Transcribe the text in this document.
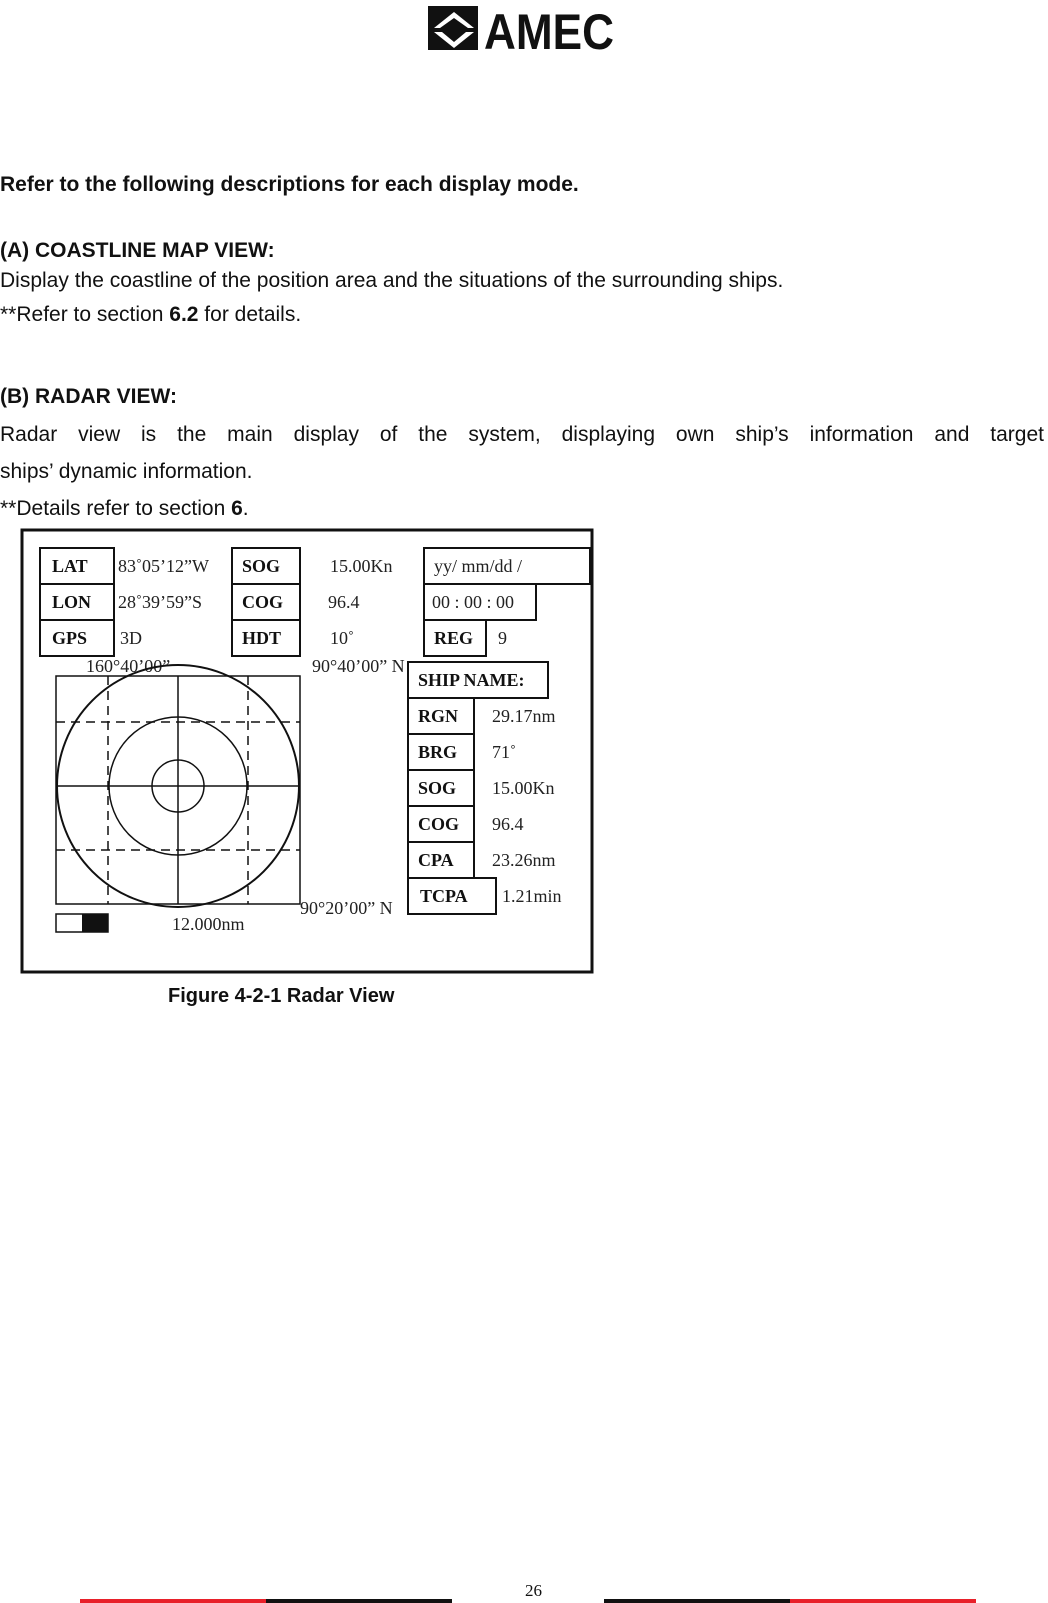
AMEC

Refer to the following descriptions for each display mode.

(A) COASTLINE MAP VIEW:

Display the coastline of the position area and the situations of the surrounding ships.

**Refer to section 6.2 for details.

(B) RADAR VIEW:

Radar view is the main display of the system, displaying own ship’s information and target

ships’ dynamic information.

**Details refer to section 6.

LAT 83˚05’12”W
LON 28˚39’59”S
GPS 3D
SOG	15.00Kn
COG 96.4
HDT	10˚
yy/ mm/dd /
00 : 00 : 00
REG 9
160°40’00”	90°40’00” N
90°20’00” N
12.000nm
SHIP NAME:
RGN 29.17nm
BRG 71˚
SOG 15.00Kn
COG 96.4
CPA 23.26nm
TCPA 1.21min
Figure 4-2-1 Radar View
26
